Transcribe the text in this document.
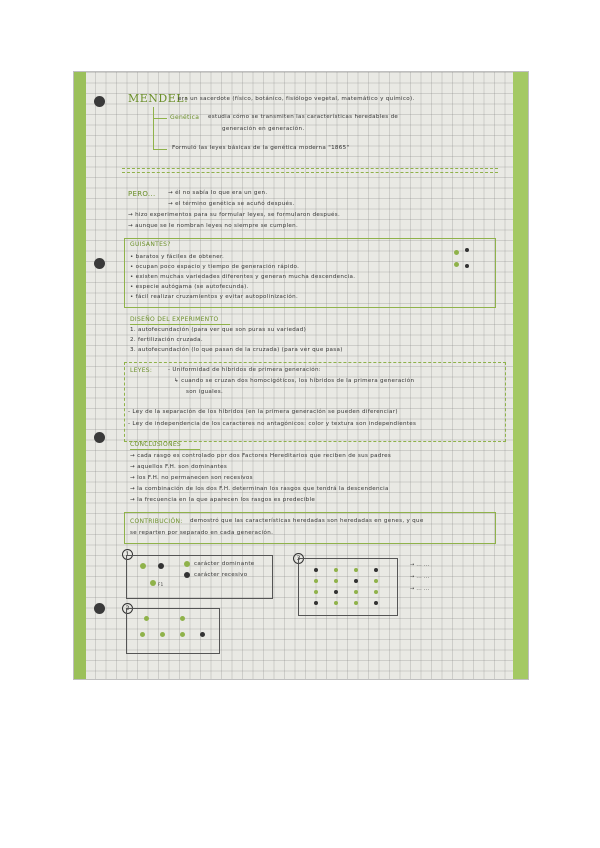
MENDEL:
era un sacerdote (físico, botánico, fisiólogo vegetal, matemático y químico).
Genética estudia cómo se transmiten las características heredables de
generación en generación.
Formuló las leyes básicas de la genética moderna "1865"
PERO... → él no sabía lo que era un gen.
→ el término genética se acuñó después.
→ hizo experimentos para su formular leyes, se formularon después.
→ aunque se le nombran leyes no siempre se cumplen.
GUISANTES?
• baratos y fáciles de obtener.
• ocupan poco espacio y tiempo de generación rápido.
• existen muchas variedades diferentes y generan mucha descendencia.
• especie autógama (se autofecunda).
• fácil realizar cruzamientos y evitar autopolinización.
DISEÑO DEL EXPERIMENTO
1. autofecundación (para ver que son puras su variedad)
2. fertilización cruzada.
3. autofecundación (lo que pasan de la cruzada) (para ver que pasa)
LEYES:	- Uniformidad de híbridos de primera generación:
↳ cuando se cruzan dos homocigóticos, los híbridos de la primera generación
son iguales.
- Ley de la separación de los híbridos (en la primera generación se pueden diferenciar)
- Ley de independencia de los caracteres no antagónicos: color y textura son independientes
CONCLUSIONES
→ cada rasgo es controlado por dos Factores Hereditarios que reciben de sus padres
→ aquellos F.H. son dominantes
→ los F.H. no permanecen son recesivos
→ la combinación de los dos F.H. determinan los rasgos que tendrá la descendencia
→ la frecuencia en la que aparecen los rasgos es predecible
CONTRIBUCIÓN: demostró que las características heredadas son heredadas en genes, y que
se reparten por separado en cada generación.
1
F1
carácter dominante
carácter recesivo
2
3
→ ... ...
→ ... ...
→ ... ...
